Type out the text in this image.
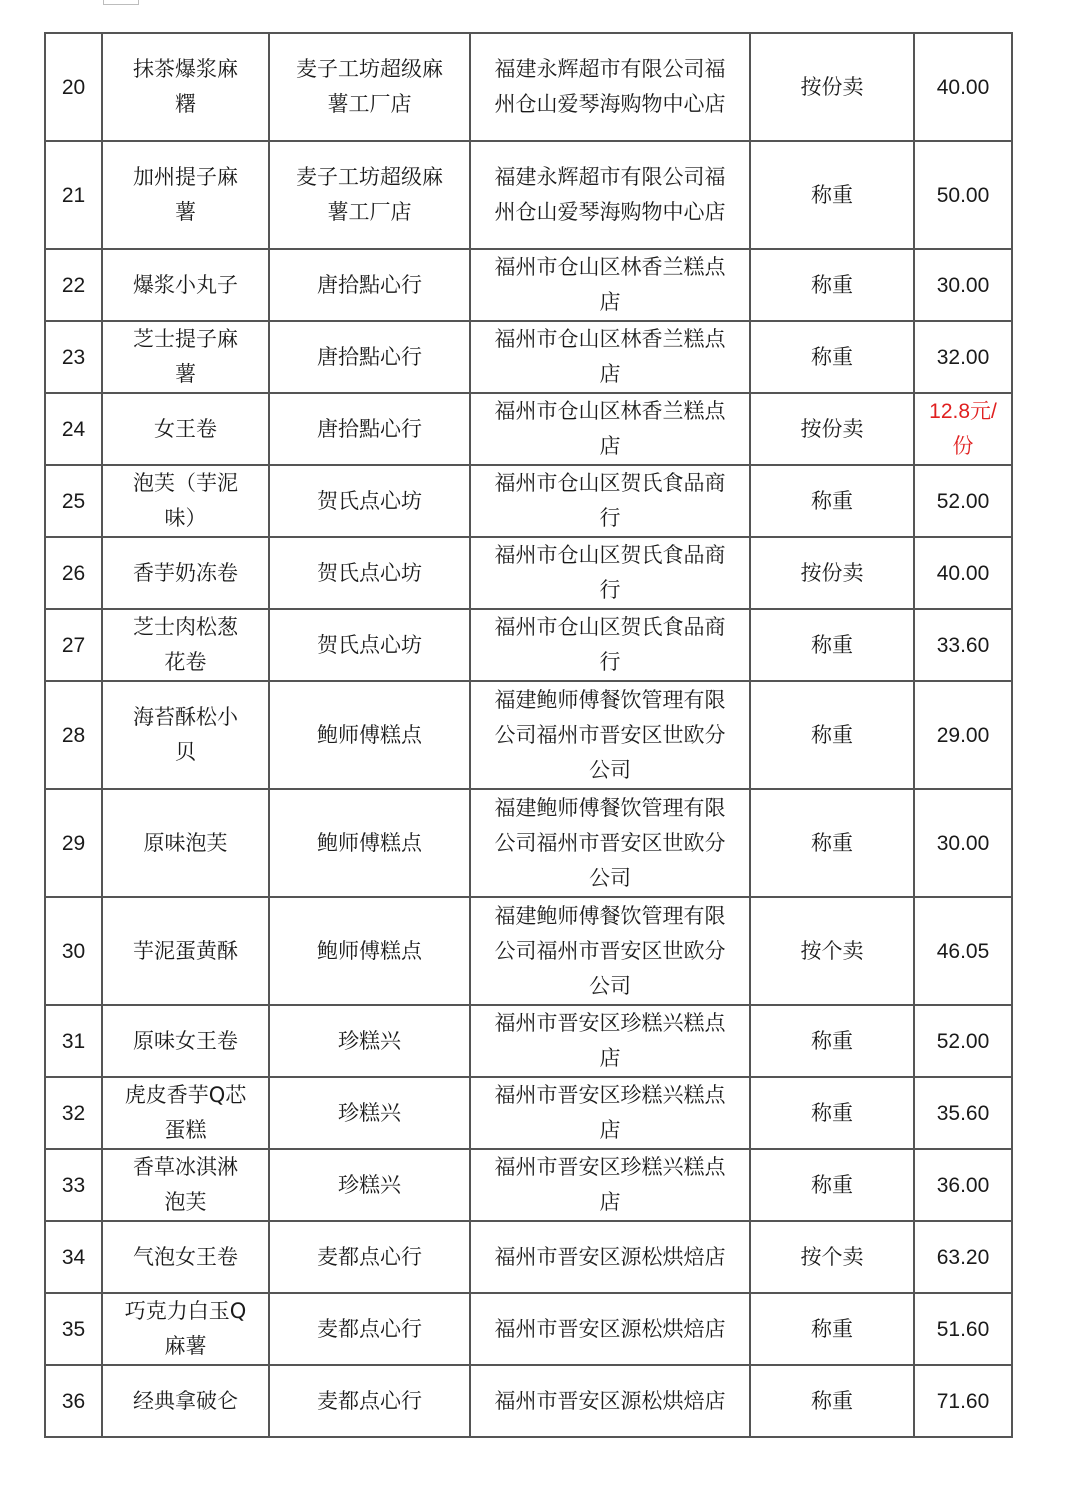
20	抹茶爆浆麻糬	麦子工坊超级麻薯工厂店	福建永辉超市有限公司福州仓山爱琴海购物中心店	按份卖	40.00
21	加州提子麻薯	麦子工坊超级麻薯工厂店	福建永辉超市有限公司福州仓山爱琴海购物中心店	称重	50.00
22	爆浆小丸子	唐拾點心行	福州市仓山区林香兰糕点店	称重	30.00
23	芝士提子麻薯	唐拾點心行	福州市仓山区林香兰糕点店	称重	32.00
24	女王卷	唐拾點心行	福州市仓山区林香兰糕点店	按份卖	12.8元/份
25	泡芙（芋泥味）	贺氏点心坊	福州市仓山区贺氏食品商行	称重	52.00
26	香芋奶冻卷	贺氏点心坊	福州市仓山区贺氏食品商行	按份卖	40.00
27	芝士肉松葱花卷	贺氏点心坊	福州市仓山区贺氏食品商行	称重	33.60
28	海苔酥松小贝	鲍师傅糕点	福建鲍师傅餐饮管理有限公司福州市晋安区世欧分公司	称重	29.00
29	原味泡芙	鲍师傅糕点	福建鲍师傅餐饮管理有限公司福州市晋安区世欧分公司	称重	30.00
30	芋泥蛋黄酥	鲍师傅糕点	福建鲍师傅餐饮管理有限公司福州市晋安区世欧分公司	按个卖	46.05
31	原味女王卷	珍糕兴	福州市晋安区珍糕兴糕点店	称重	52.00
32	虎皮香芋Q芯蛋糕	珍糕兴	福州市晋安区珍糕兴糕点店	称重	35.60
33	香草冰淇淋泡芙	珍糕兴	福州市晋安区珍糕兴糕点店	称重	36.00
34	气泡女王卷	麦都点心行	福州市晋安区源松烘焙店	按个卖	63.20
35	巧克力白玉Q麻薯	麦都点心行	福州市晋安区源松烘焙店	称重	51.60
36	经典拿破仑	麦都点心行	福州市晋安区源松烘焙店	称重	71.60
